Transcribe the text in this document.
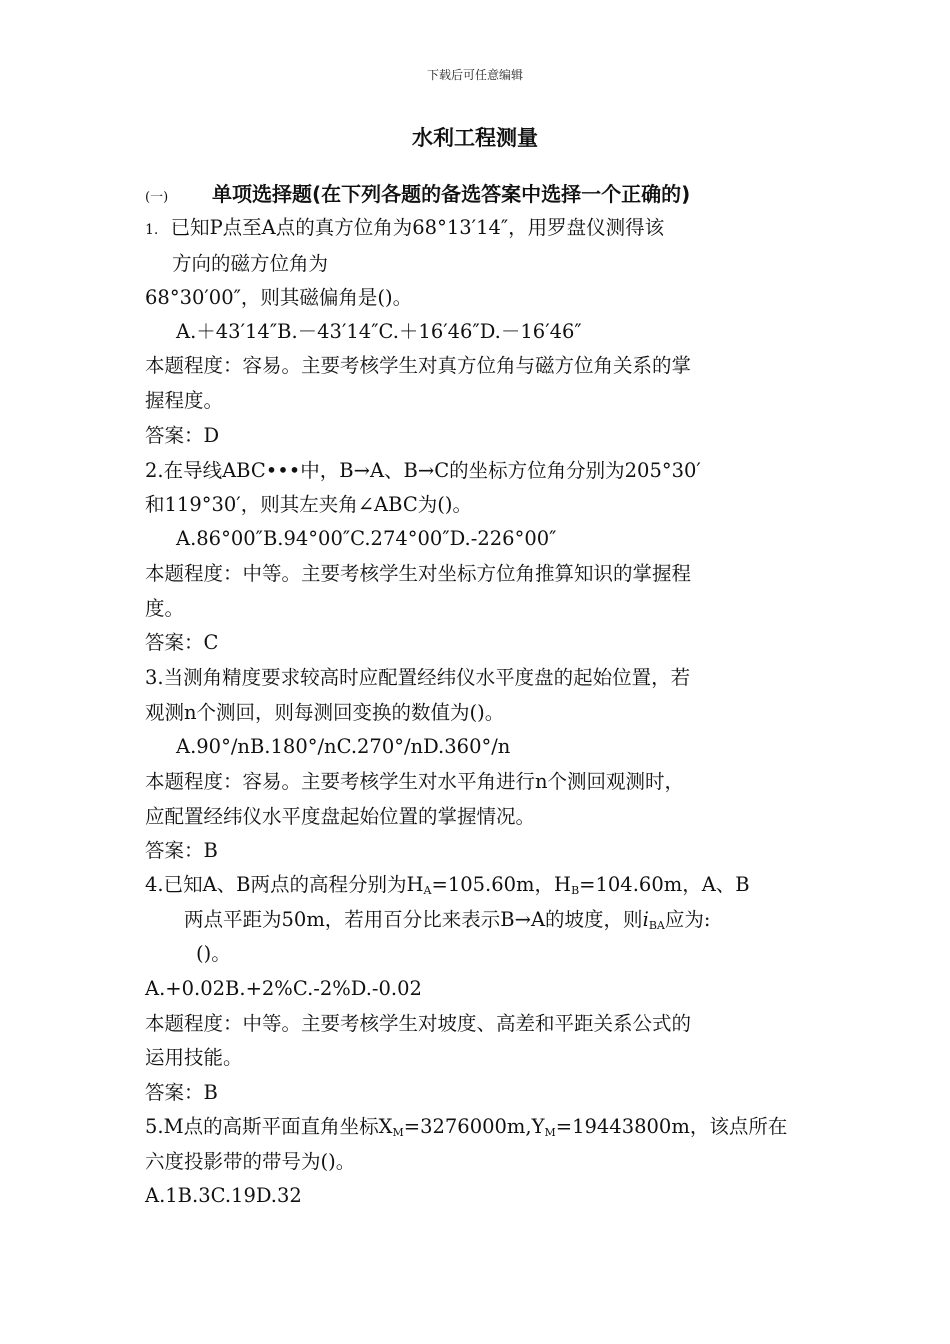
下载后可任意编辑
水利工程测量
(一) 单项选择题(在下列各题的备选答案中选择一个正确的)
1. 已知P点至A点的真方位角为68°13′14″，用罗盘仪测得该
方向的磁方位角为
68°30′00″，则其磁偏角是()。
A.＋43′14″B.－43′14″C.＋16′46″D.－16′46″
本题程度：容易。主要考核学生对真方位角与磁方位角关系的掌
握程度。
答案：D
2.在导线ABC•••中，B→A、B→C的坐标方位角分别为205°30′
和119°30′，则其左夹角∠ABC为()。
A.86°00″B.94°00″C.274°00″D.-226°00″
本题程度：中等。主要考核学生对坐标方位角推算知识的掌握程
度。
答案：C
3.当测角精度要求较高时应配置经纬仪水平度盘的起始位置，若
观测n个测回，则每测回变换的数值为()。
A.90°/nB.180°/nC.270°/nD.360°/n
本题程度：容易。主要考核学生对水平角进行n个测回观测时，
应配置经纬仪水平度盘起始位置的掌握情况。
答案：B
4.已知A、B两点的高程分别为$H_A=105.60m$，$H_B=104.60m$，A、B
两点平距为50m，若用百分比来表示B→A的坡度，则$i_{BA}$应为:
()。
A.+0.02B.+2%C.-2%D.-0.02
本题程度：中等。主要考核学生对坡度、高差和平距关系公式的
运用技能。
答案：B
5.M点的高斯平面直角坐标$X_M=3276000m,Y_M=19443800m$，该点所在
六度投影带的带号为()。
A.1B.3C.19D.32
